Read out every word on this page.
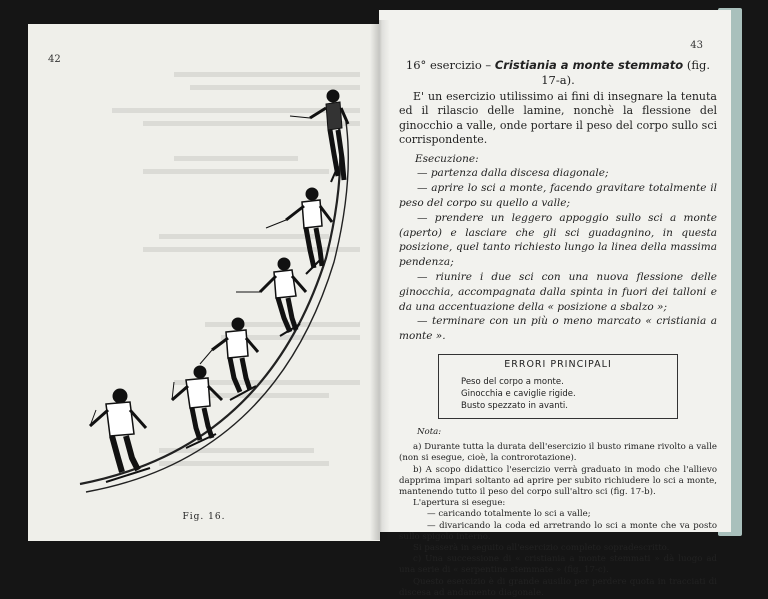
42
Fig. 16.
43
16° esercizio – Cristiania a monte stemmato (fig. 17-a).
E' un esercizio utilissimo ai fini di insegnare la tenuta ed il rilascio delle lamine, nonchè la flessione del ginocchio a valle, onde portare il peso del corpo sullo sci corrispondente.
Esecuzione:

— partenza dalla discesa diagonale;

— aprire lo sci a monte, facendo gravitare totalmente il peso del corpo su quello a valle;

— prendere un leggero appoggio sullo sci a monte (aperto) e lasciare che gli sci guadagnino, in questa posizione, quel tanto richiesto lungo la linea della massima pendenza;

— riunire i due sci con una nuova flessione delle ginocchia, accompagnata dalla spinta in fuori dei talloni e da una accentuazione della « posizione a sbalzo »;

— terminare con un più o meno marcato « cristiania a monte ».

ERRORI PRINCIPALI
Peso del corpo a monte.
Ginocchia e caviglie rigide.
Busto spezzato in avanti.
Nota:

a) Durante tutta la durata dell'esercizio il busto rimane rivolto a valle (non si esegue, cioè, la controrotazione).

b) A scopo didattico l'esercizio verrà graduato in modo che l'allievo dapprima impari soltanto ad aprire per subito richiudere lo sci a monte, mantenendo tutto il peso del corpo sull'altro sci (fig. 17-b).

L'apertura si esegue:

— caricando totalmente lo sci a valle;

— divaricando la coda ed arretrando lo sci a monte che va posto sullo spigolo interno.

Si passerà in seguito all'esercizio completo sopradescritto.

c) Una successione di « cristiania a monte stemmati » dà luogo ad una serie di « serpentine stemmate » (fig. 17-c).

Questo esercizio è di grande ausilio per perdere quota in tracciati di discesa ad andamento diagonale.
